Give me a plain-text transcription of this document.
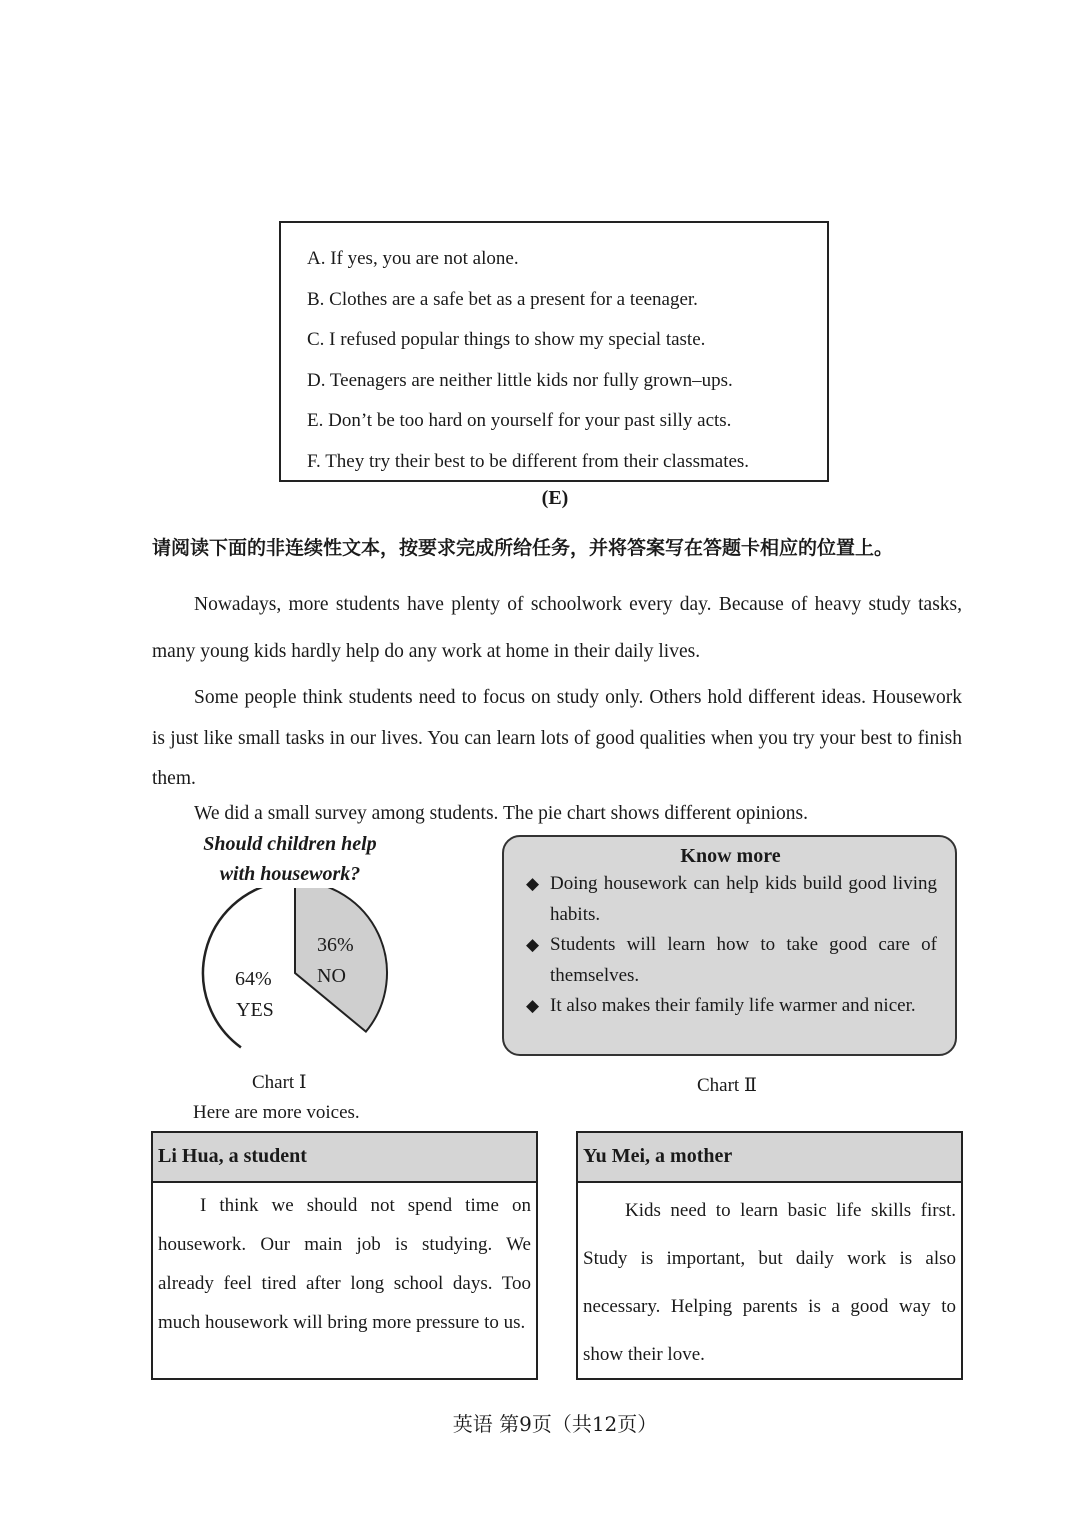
A. If yes, you are not alone.
B. Clothes are a safe bet as a present for a teenager.
C. I refused popular things to show my special taste.
D. Teenagers are neither little kids nor fully grown–ups.
E. Don’t be too hard on yourself for your past silly acts.
F. They try their best to be different from their classmates.
(E)
请阅读下面的非连续性文本，按要求完成所给任务，并将答案写在答题卡相应的位置上。
Nowadays, more students have plenty of schoolwork every day. Because of heavy study tasks, many young kids hardly help do any work at home in their daily lives.
Some people think students need to focus on study only. Others hold different ideas. Housework is just like small tasks in our lives. You can learn lots of good qualities when you try your best to finish them.
We did a small survey among students. The pie chart shows different opinions.
Should children help
with housework?
36%
NO
64%
YES
Chart Ⅰ
Know more
◆ Doing housework can help kids build good living habits.
◆ Students will learn how to take good care of themselves.
◆ It also makes their family life warmer and nicer.
Chart Ⅱ
Here are more voices.
Li Hua, a student
I think we should not spend time on housework. Our main job is studying. We already feel tired after long school days. Too much housework will bring more pressure to us.
Yu Mei, a mother
Kids need to learn basic life skills first. Study is important, but daily work is also necessary. Helping parents is a good way to show their love.
英语 第9页（共12页）
